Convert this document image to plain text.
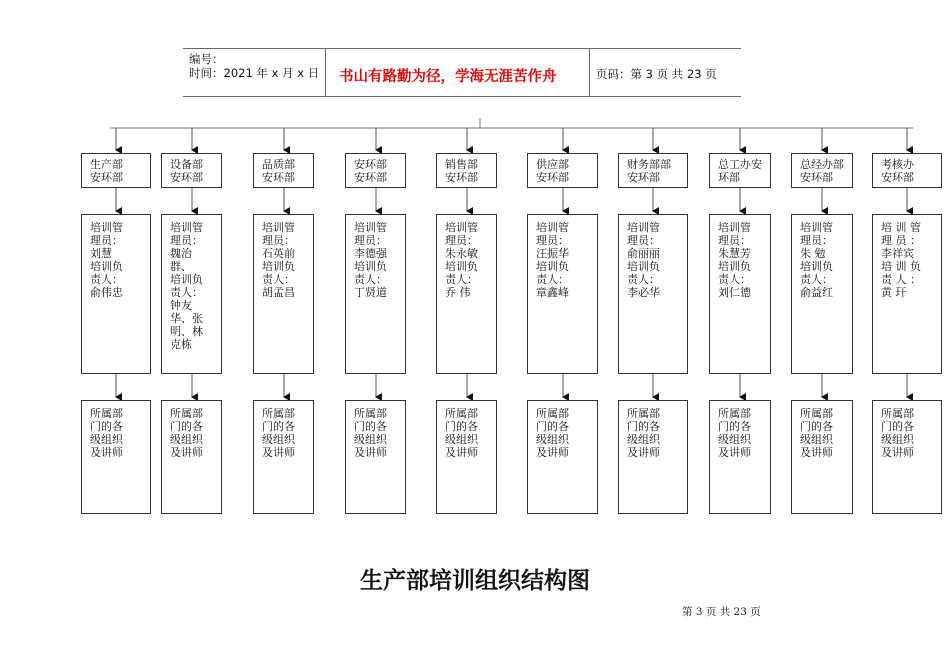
编号：
时间：2021 年 x 月 x 日 书山有路勤为径，学海无涯苦作舟	页码：第 3 页 共 23 页
生产部
安环部
培训管
理员：
刘慧
培训负
责人：
俞伟忠
所属部
门的各
级组织
及讲师
设备部
安环部
培训管
理员：
魏治
群、
培训负
责人：
钟友
华、张
明、林
克栋
所属部
门的各
级组织
及讲师
品质部
安环部
培训管
理员：
石英前
培训负
责人：
胡孟昌
所属部
门的各
级组织
及讲师
安环部
安环部
培训管
理员：
李德强
培训负
责人：
丁贤道
所属部
门的各
级组织
及讲师
销售部
安环部
培训管
理员：
朱永敏
培训负
责人：
乔 伟
所属部
门的各
级组织
及讲师
供应部
安环部
培训管
理员：
汪振华
培训负
责人：
章鑫峰
所属部
门的各
级组织
及讲师
财务部部
安环部
培训管
理员：
俞丽丽
培训负
责人：
李必华
所属部
门的各
级组织
及讲师
总工办安
环部
培训管
理员：
朱慧芳
培训负
责人：
刘仁德
所属部
门的各
级组织
及讲师
总经办部
安环部
培训管
理员：
朱 勉
培训负
责人：
俞益红
所属部
门的各
级组织
及讲师
考核办
安环部
培 训 管
理 员 ：
李祥宾
培 训 负
责 人 ：
黄 玕
所属部
门的各
级组织
及讲师
生产部培训组织结构图
第 3 页 共 23 页
